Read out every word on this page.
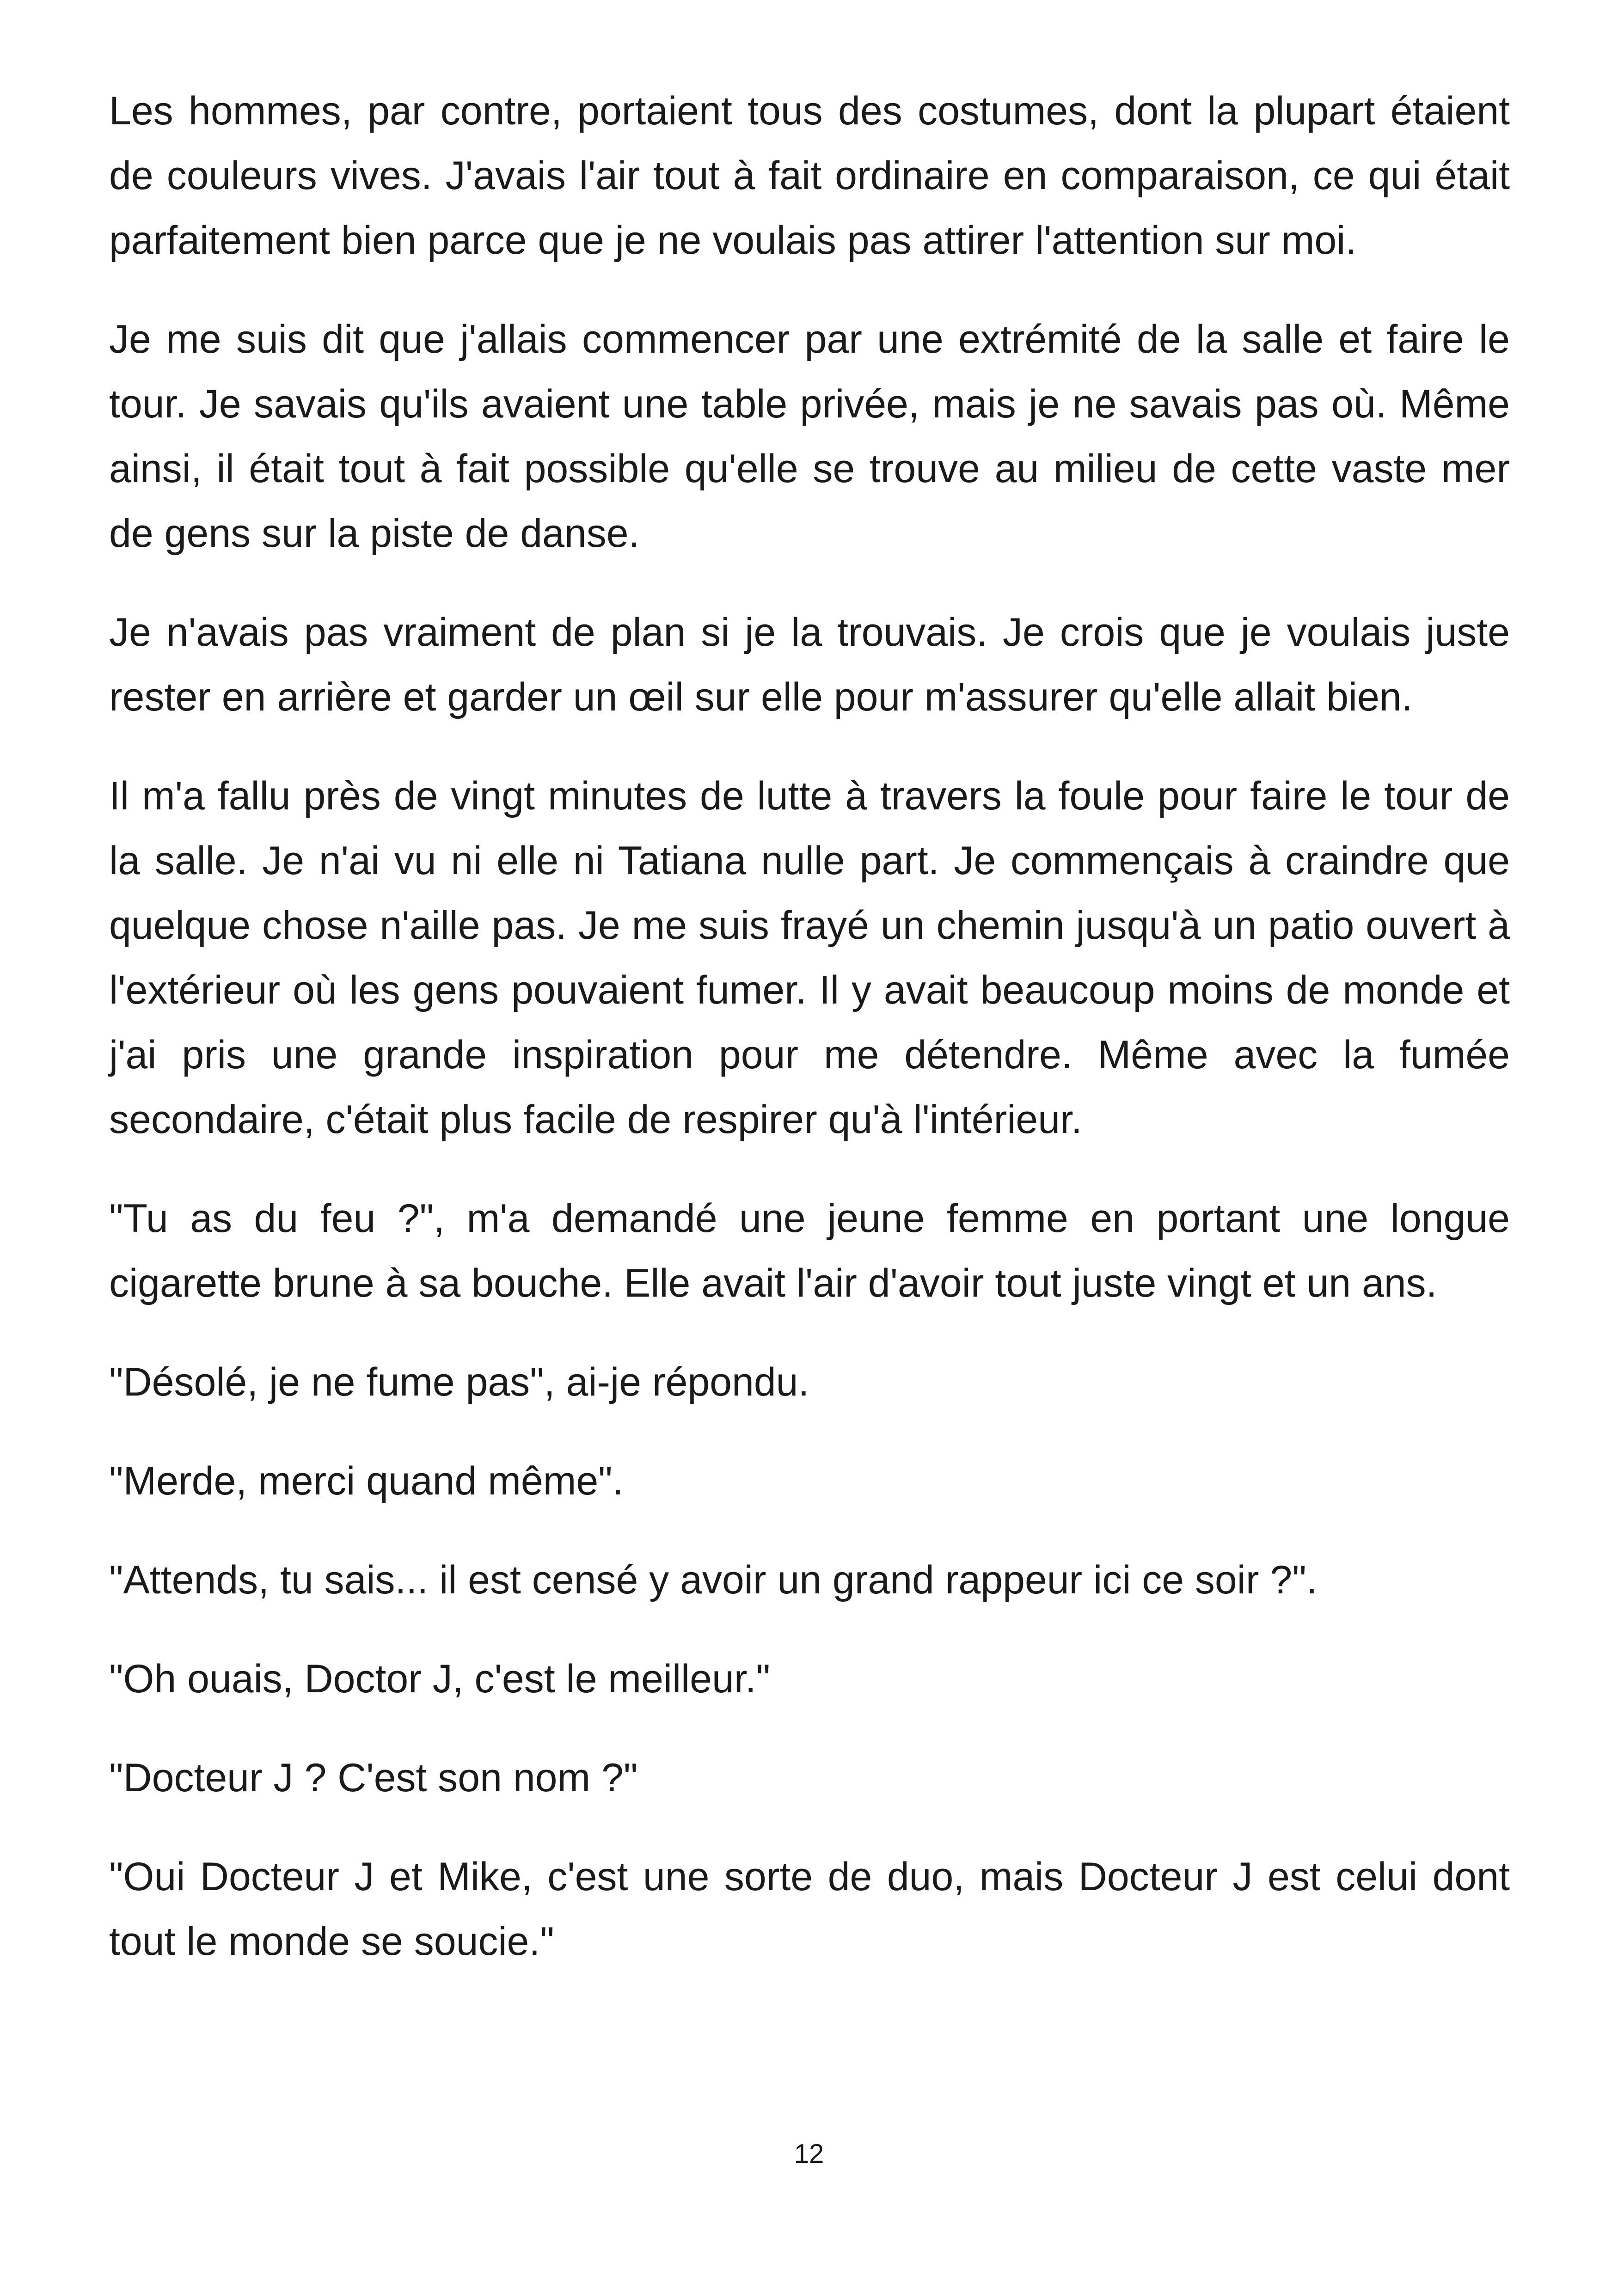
Les hommes, par contre, portaient tous des costumes, dont la plupart étaient de couleurs vives. J'avais l'air tout à fait ordinaire en comparaison, ce qui était parfaitement bien parce que je ne voulais pas attirer l'attention sur moi.

Je me suis dit que j'allais commencer par une extrémité de la salle et faire le tour. Je savais qu'ils avaient une table privée, mais je ne savais pas où. Même ainsi, il était tout à fait possible qu'elle se trouve au milieu de cette vaste mer de gens sur la piste de danse.

Je n'avais pas vraiment de plan si je la trouvais. Je crois que je voulais juste rester en arrière et garder un œil sur elle pour m'assurer qu'elle allait bien.

Il m'a fallu près de vingt minutes de lutte à travers la foule pour faire le tour de la salle. Je n'ai vu ni elle ni Tatiana nulle part. Je commençais à craindre que quelque chose n'aille pas. Je me suis frayé un chemin jusqu'à un patio ouvert à l'extérieur où les gens pouvaient fumer. Il y avait beaucoup moins de monde et j'ai pris une grande inspiration pour me détendre. Même avec la fumée secondaire, c'était plus facile de respirer qu'à l'intérieur.

"Tu as du feu ?", m'a demandé une jeune femme en portant une longue cigarette brune à sa bouche. Elle avait l'air d'avoir tout juste vingt et un ans.

"Désolé, je ne fume pas", ai-je répondu.

"Merde, merci quand même".

"Attends, tu sais... il est censé y avoir un grand rappeur ici ce soir ?".

"Oh ouais, Doctor J, c'est le meilleur."

"Docteur J ? C'est son nom ?"

"Oui Docteur J et Mike, c'est une sorte de duo, mais Docteur J est celui dont tout le monde se soucie."

12
